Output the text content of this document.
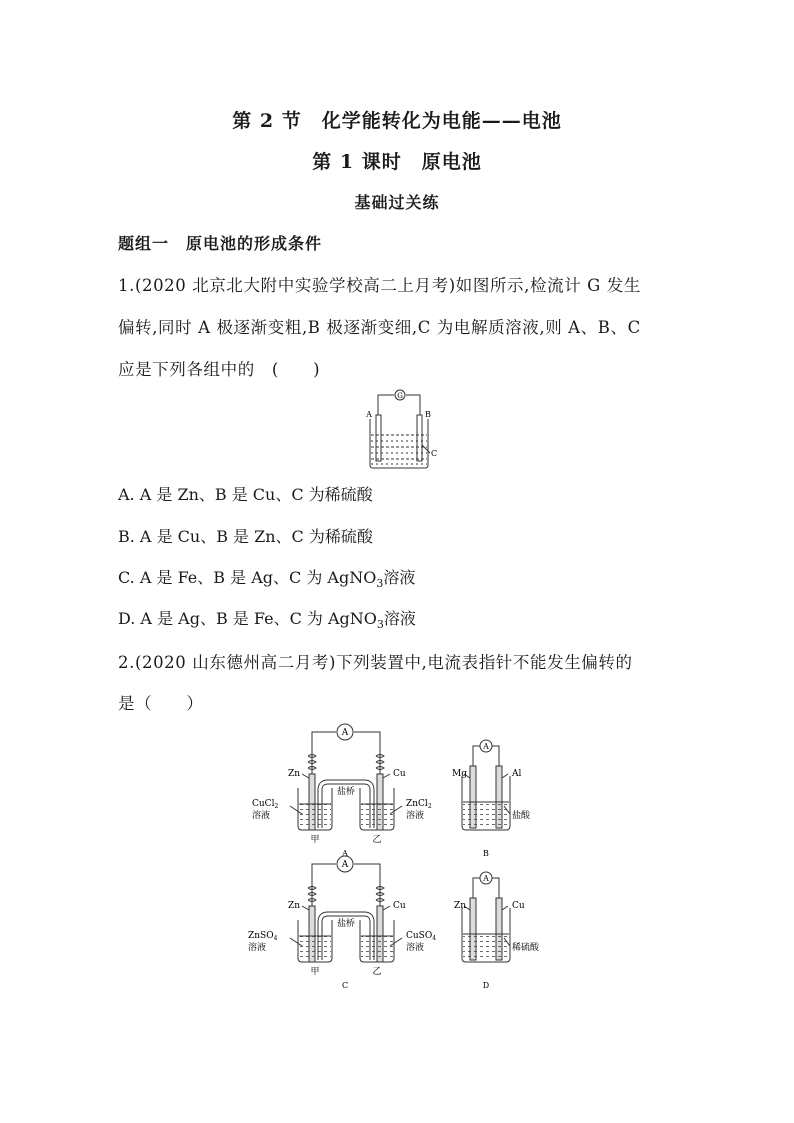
第 2 节　化学能转化为电能——电池
第 1 课时　原电池
基础过关练
题组一　原电池的形成条件
1.(2020 北京北大附中实验学校高二上月考)如图所示,检流计 G 发生
偏转,同时 A 极逐渐变粗,B 极逐渐变细,C 为电解质溶液,则 A、B、C
应是下列各组中的　(　　)
G
A	B
C
A. A 是 Zn、B 是 Cu、C 为稀硫酸
B. A 是 Cu、B 是 Zn、C 为稀硫酸
C. A 是 Fe、B 是 Ag、C 为 AgNO$_3$溶液
D. A 是 Ag、B 是 Fe、C 为 AgNO$_3$溶液
2.(2020 山东德州高二月考)下列装置中,电流表指针不能发生偏转的
是（　　）
A
Zn	Cu
盐桥
CuCl$_2$
溶液
ZnCl$_2$
溶液
甲	乙
A
A
Mg	Al
盐酸
B
A
Zn	Cu
盐桥
ZnSO$_4$
溶液
CuSO$_4$
溶液
甲	乙
C
A
Zn	Cu
稀硫酸
D
